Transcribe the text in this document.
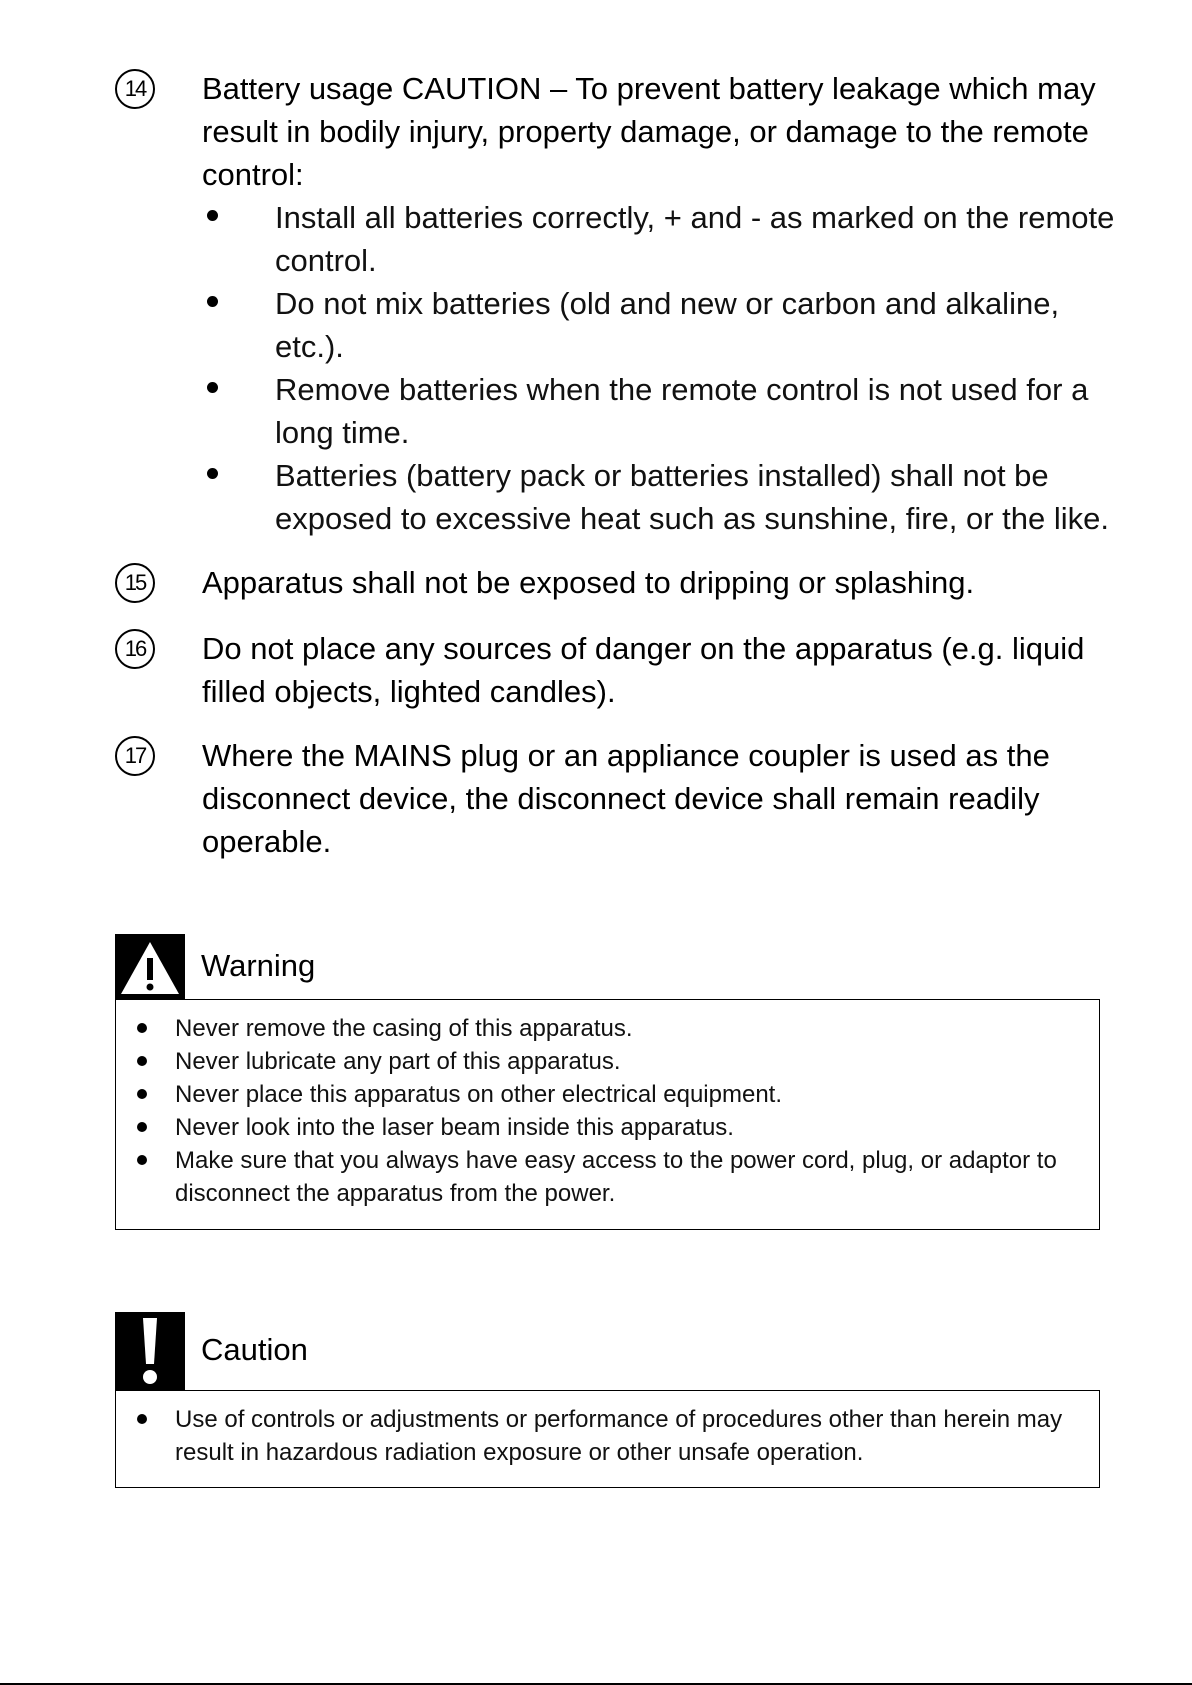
14	Battery usage CAUTION – To prevent battery leakage which may result in bodily injury, property damage, or damage to the remote control:
Install all batteries correctly, + and - as marked on the remote control.
Do not mix batteries (old and new or carbon and alkaline, etc.).
Remove batteries when the remote control is not used for a long time.
Batteries (battery pack or batteries installed) shall not be exposed to excessive heat such as sunshine, fire, or the like.
15	Apparatus shall not be exposed to dripping or splashing.
16	Do not place any sources of danger on the apparatus (e.g. liquid filled objects, lighted candles).
17	Where the MAINS plug or an appliance coupler is used as the disconnect device, the disconnect device shall remain readily operable.
Warning
Never remove the casing of this apparatus.
Never lubricate any part of this apparatus.
Never place this apparatus on other electrical equipment.
Never look into the laser beam inside this apparatus.
Make sure that you always have easy access to the power cord, plug, or adaptor to disconnect the apparatus from the power.
Caution
Use of controls or adjustments or performance of procedures other than herein may result in hazardous radiation exposure or other unsafe operation.
